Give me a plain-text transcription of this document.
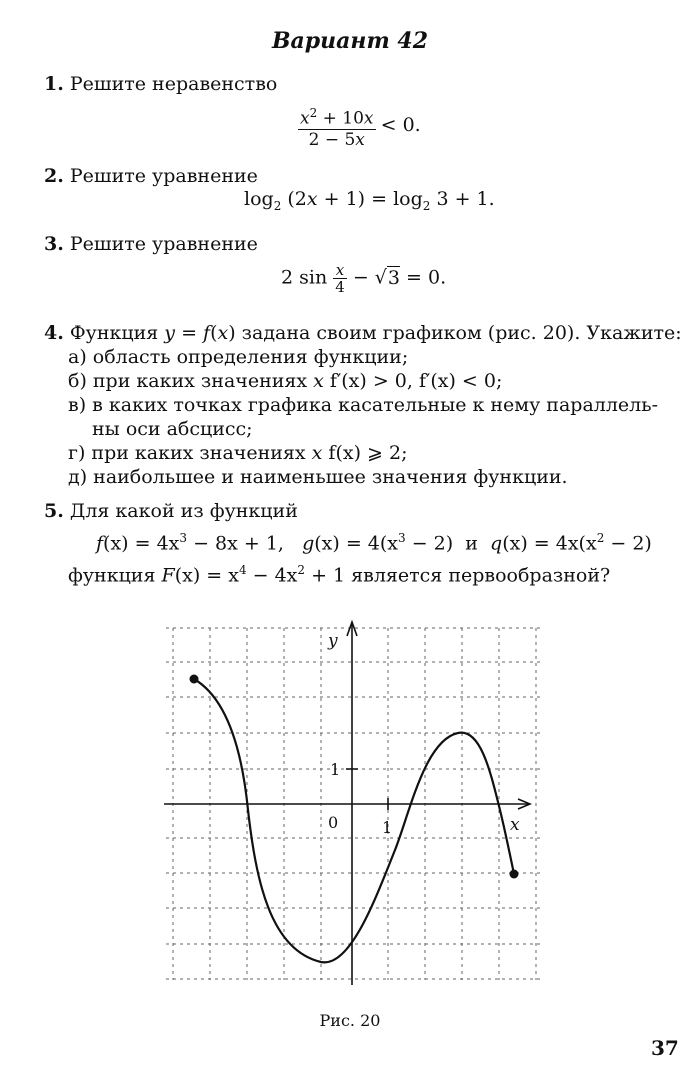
Вариант 42
1. Решите неравенство
$\frac{x^2 + 10x}{2 - 5x} < 0$.
2. Решите уравнение
$\log_2 (2x + 1) = \log_2 3 + 1$.
3. Решите уравнение
2 $\sin \frac{x}{4} - √3 = 0$.
4. Функция y = f(x) задана своим графиком (рис. 20). Укажите:
а) область определения функции;
б) при каких значениях x f′(x) > 0, f′(x) < 0;
в) в каких точках графика касательные к нему параллель-
ны оси абсцисс;
г) при каких значениях x f(x) ⩾ 2;
д) наибольшее и наименьшее значения функции.
5. Для какой из функций
$f(x) = 4x^3 - 8x + 1$, $g(x) = 4(x^3 - 2)$ и $q(x) = 4x(x^2 - 2)$
функция $F(x) = x^4 - 4x^2 + 1$ является первообразной?
y
x
0	1
1
Рис. 20
37
